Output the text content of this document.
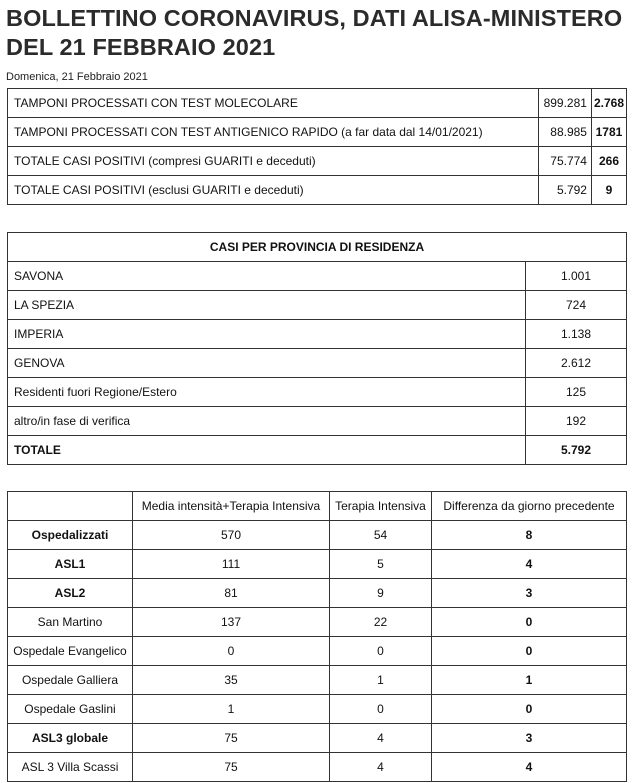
BOLLETTINO CORONAVIRUS, DATI ALISA-MINISTERO DEL 21 FEBBRAIO 2021
Domenica, 21 Febbraio 2021
TAMPONI PROCESSATI CON TEST MOLECOLARE	899.281	2.768
TAMPONI PROCESSATI CON TEST ANTIGENICO RAPIDO (a far data dal 14/01/2021)	88.985	1781
TOTALE CASI POSITIVI (compresi GUARITI e deceduti)	75.774	266
TOTALE CASI POSITIVI (esclusi GUARITI e deceduti)	5.792	9
CASI PER PROVINCIA DI RESIDENZA	
SAVONA	1.001
LA SPEZIA	724
IMPERIA	1.138
GENOVA	2.612
Residenti fuori Regione/Estero	125
altro/in fase di verifica	192
TOTALE	5.792
	Media intensità+Terapia Intensiva	Terapia Intensiva	Differenza da giorno precedente
Ospedalizzati	570	54	8
ASL1	111	5	4
ASL2	81	9	3
San Martino	137	22	0
Ospedale Evangelico	0	0	0
Ospedale Galliera	35	1	1
Ospedale Gaslini	1	0	0
ASL3 globale	75	4	3
ASL 3 Villa Scassi	75	4	4
